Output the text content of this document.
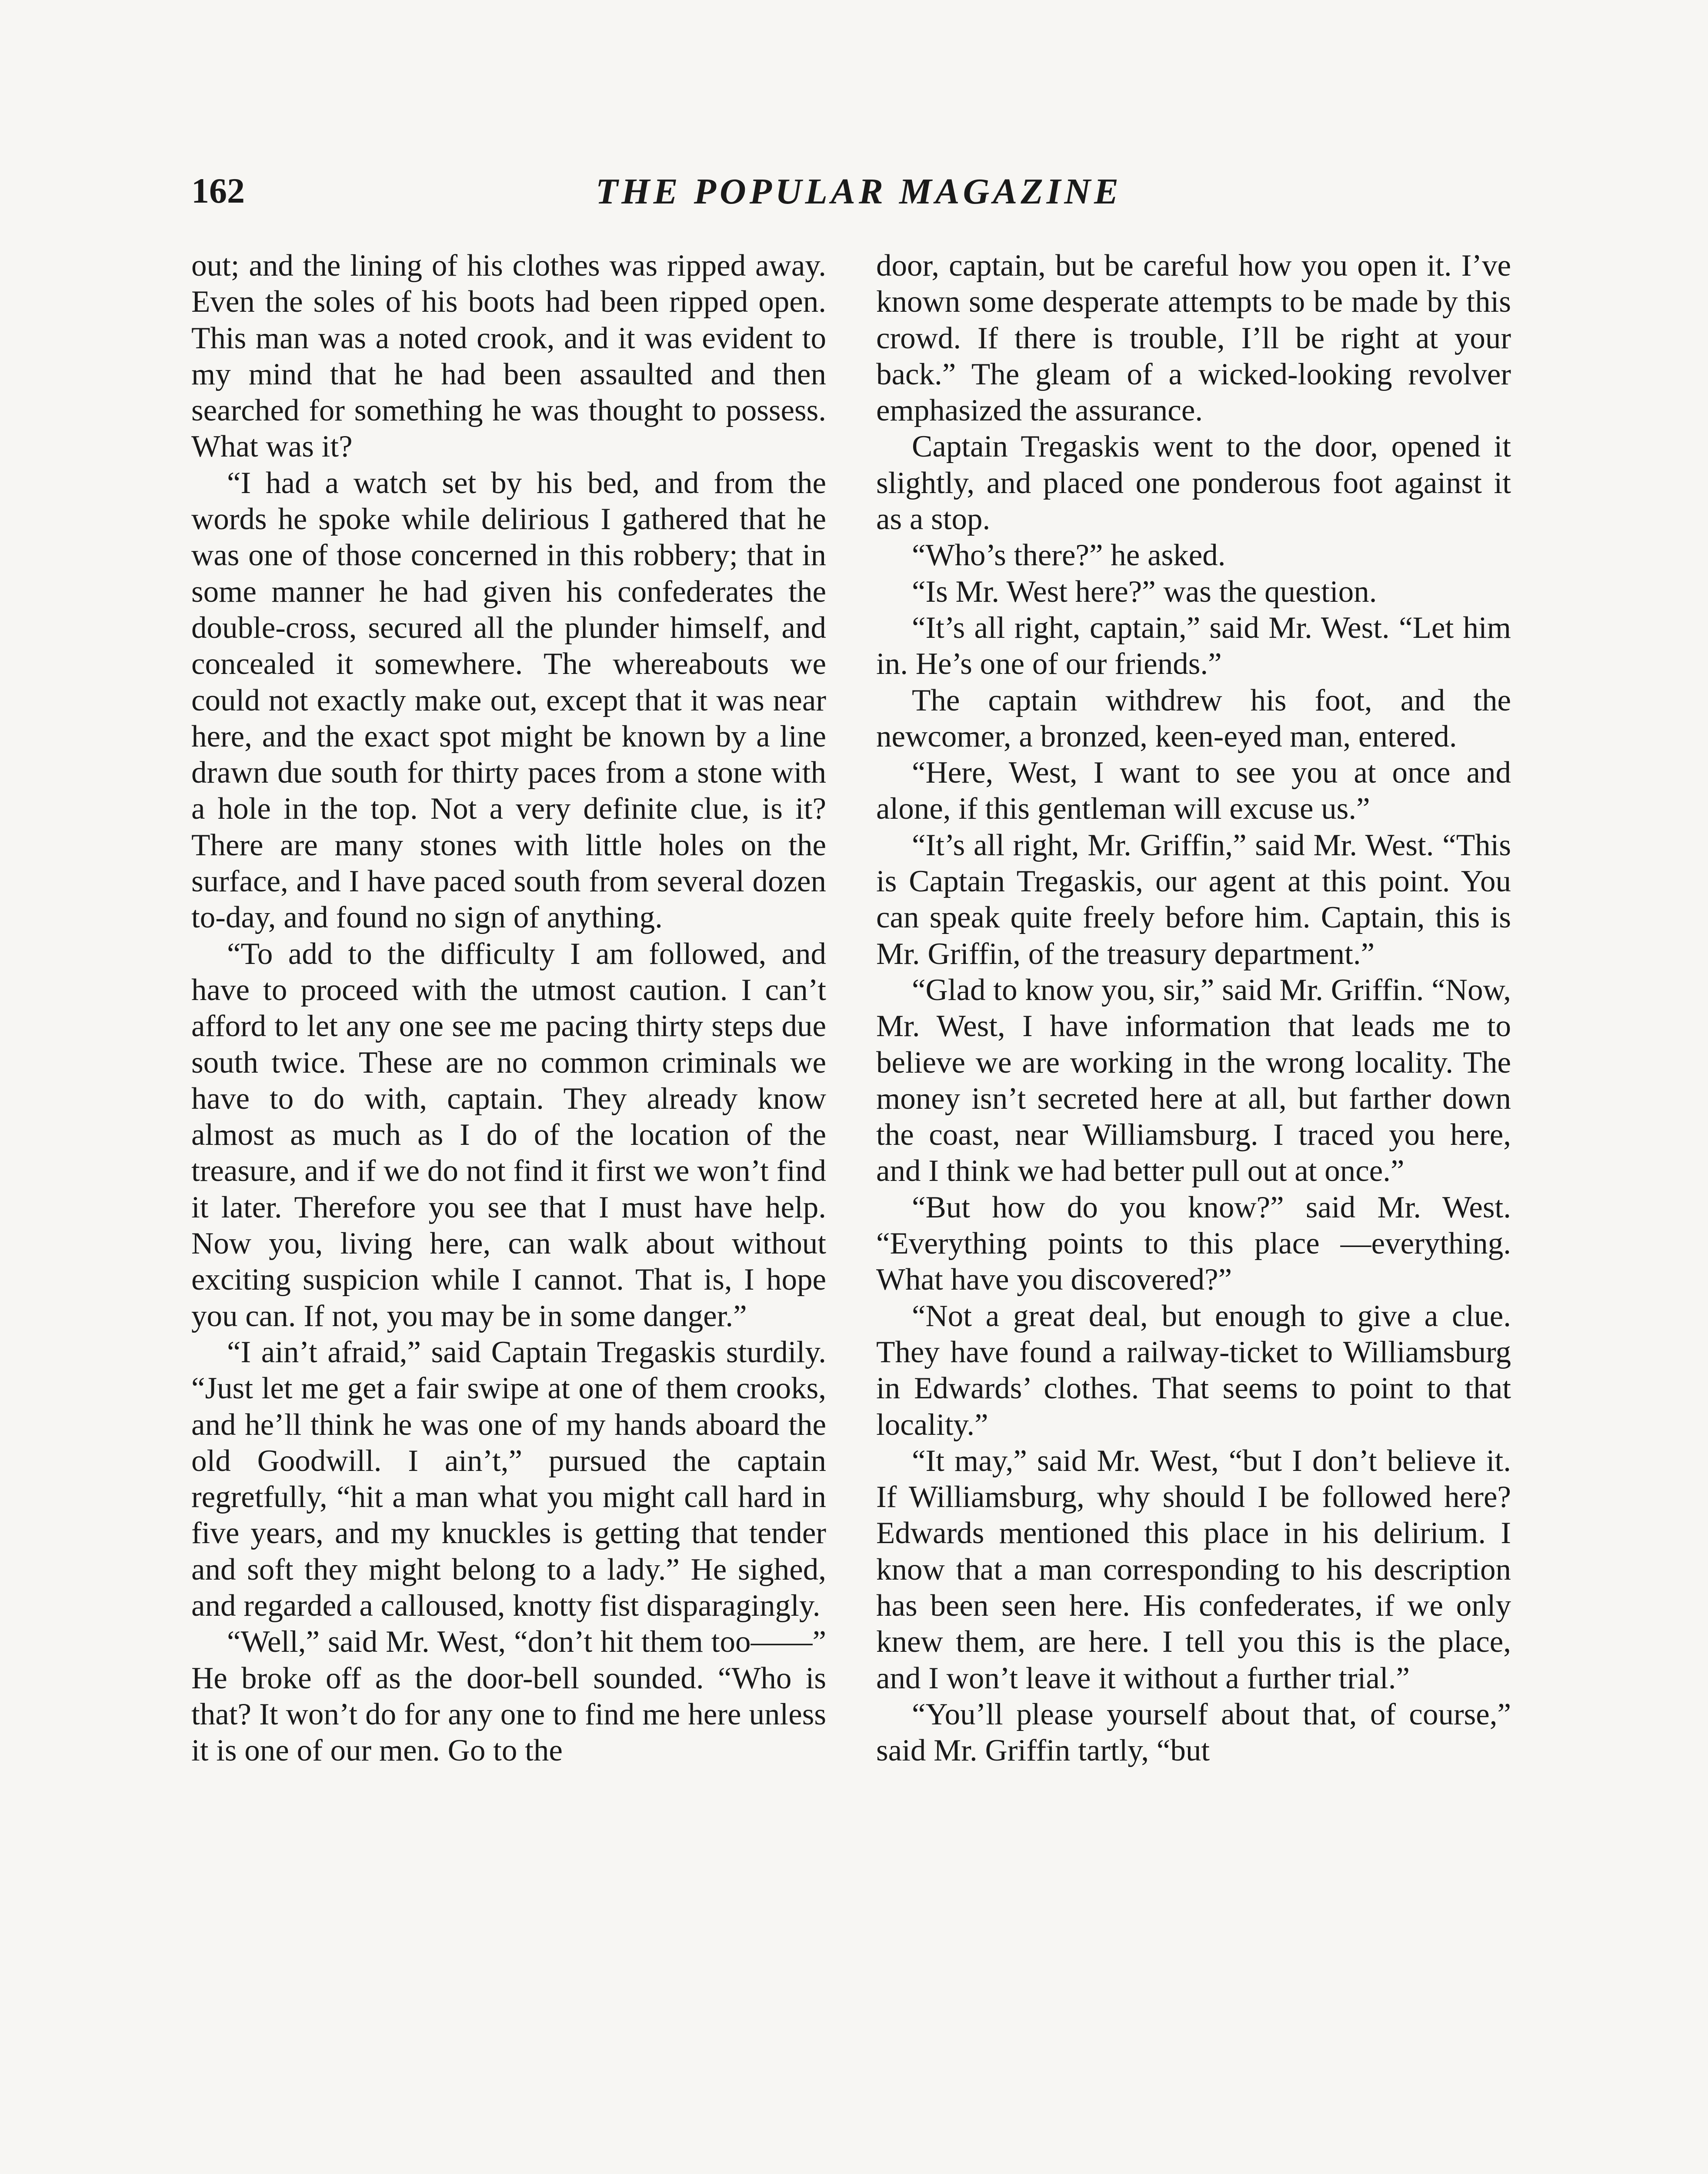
162	THE POPULAR MAGAZINE

out; and the lining of his clothes was ripped away. Even the soles of his boots had been ripped open. This man was a noted crook, and it was evident to my mind that he had been assaulted and then searched for something he was thought to possess. What was it?

“I had a watch set by his bed, and from the words he spoke while delirious I gathered that he was one of those concerned in this robbery; that in some manner he had given his confederates the double-cross, secured all the plunder himself, and concealed it somewhere. The whereabouts we could not exactly make out, except that it was near here, and the exact spot might be known by a line drawn due south for thirty paces from a stone with a hole in the top. Not a very definite clue, is it? There are many stones with little holes on the surface, and I have paced south from several dozen to-day, and found no sign of anything.

“To add to the difficulty I am followed, and have to proceed with the utmost caution. I can’t afford to let any one see me pacing thirty steps due south twice. These are no common criminals we have to do with, captain. They already know almost as much as I do of the location of the treasure, and if we do not find it first we won’t find it later. Therefore you see that I must have help. Now you, living here, can walk about without exciting suspicion while I cannot. That is, I hope you can. If not, you may be in some danger.”

“I ain’t afraid,” said Captain Tregaskis sturdily. “Just let me get a fair swipe at one of them crooks, and he’ll think he was one of my hands aboard the old Goodwill. I ain’t,” pursued the captain regretfully, “hit a man what you might call hard in five years, and my knuckles is getting that tender and soft they might belong to a lady.” He sighed, and regarded a calloused, knotty fist disparagingly.

“Well,” said Mr. West, “don’t hit them too——” He broke off as the door-bell sounded. “Who is that? It won’t do for any one to find me here unless it is one of our men. Go to the

door, captain, but be careful how you open it. I’ve known some desperate attempts to be made by this crowd. If there is trouble, I’ll be right at your back.” The gleam of a wicked-looking revolver emphasized the assurance.

Captain Tregaskis went to the door, opened it slightly, and placed one ponderous foot against it as a stop.

“Who’s there?” he asked.

“Is Mr. West here?” was the question.

“It’s all right, captain,” said Mr. West. “Let him in. He’s one of our friends.”

The captain withdrew his foot, and the newcomer, a bronzed, keen-eyed man, entered.

“Here, West, I want to see you at once and alone, if this gentleman will excuse us.”

“It’s all right, Mr. Griffin,” said Mr. West. “This is Captain Tregaskis, our agent at this point. You can speak quite freely before him. Captain, this is Mr. Griffin, of the treasury department.”

“Glad to know you, sir,” said Mr. Griffin. “Now, Mr. West, I have information that leads me to believe we are working in the wrong locality. The money isn’t secreted here at all, but farther down the coast, near Williamsburg. I traced you here, and I think we had better pull out at once.”

“But how do you know?” said Mr. West. “Everything points to this place —everything. What have you discovered?”

“Not a great deal, but enough to give a clue. They have found a railway-ticket to Williamsburg in Edwards’ clothes. That seems to point to that locality.”

“It may,” said Mr. West, “but I don’t believe it. If Williamsburg, why should I be followed here? Edwards mentioned this place in his delirium. I know that a man corresponding to his description has been seen here. His confederates, if we only knew them, are here. I tell you this is the place, and I won’t leave it without a further trial.”

“You’ll please yourself about that, of course,” said Mr. Griffin tartly, “but
